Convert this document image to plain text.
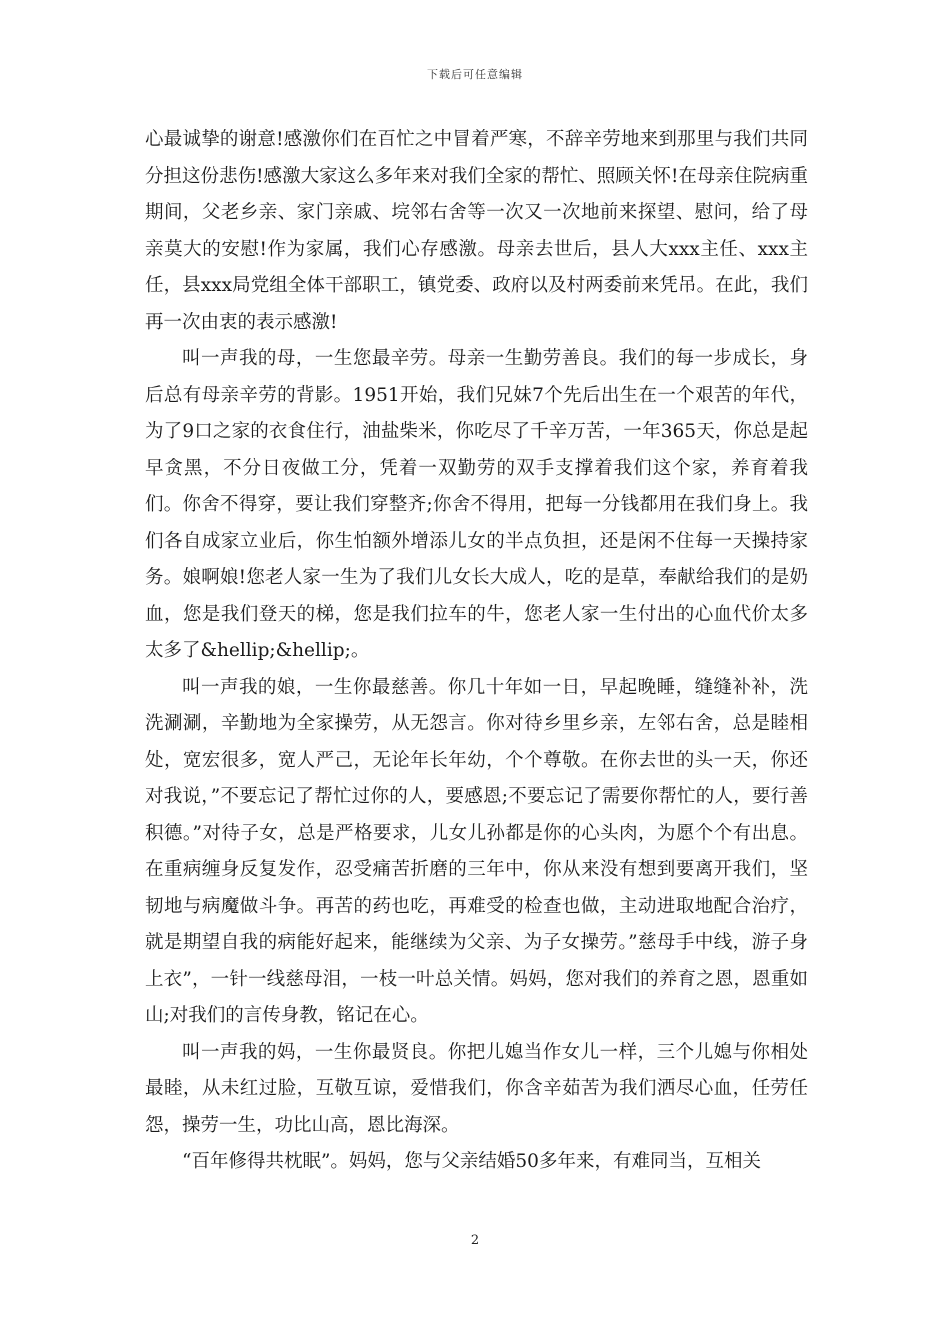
下载后可任意编辑

心最诚挚的谢意!感激你们在百忙之中冒着严寒，不辞辛劳地来到那里与我们共同分担这份悲伤!感激大家这么多年来对我们全家的帮忙、照顾关怀!在母亲住院病重期间，父老乡亲、家门亲戚、垸邻右舍等一次又一次地前来探望、慰问，给了母亲莫大的安慰!作为家属，我们心存感激。母亲去世后，县人大xxx主任、xxx主任，县xxx局党组全体干部职工，镇党委、政府以及村两委前来凭吊。在此，我们再一次由衷的表示感激!

叫一声我的母，一生您最辛劳。母亲一生勤劳善良。我们的每一步成长，身后总有母亲辛劳的背影。1951开始，我们兄妹7个先后出生在一个艰苦的年代，为了9口之家的衣食住行，油盐柴米，你吃尽了千辛万苦，一年365天，你总是起早贪黑，不分日夜做工分，凭着一双勤劳的双手支撑着我们这个家，养育着我们。你舍不得穿，要让我们穿整齐;你舍不得用，把每一分钱都用在我们身上。我们各自成家立业后，你生怕额外增添儿女的半点负担，还是闲不住每一天操持家务。娘啊娘!您老人家一生为了我们儿女长大成人，吃的是草，奉献给我们的是奶血，您是我们登天的梯，您是我们拉车的牛，您老人家一生付出的心血代价太多太多了&hellip;&hellip;。

叫一声我的娘，一生你最慈善。你几十年如一日，早起晚睡，缝缝补补，洗洗涮涮，辛勤地为全家操劳，从无怨言。你对待乡里乡亲，左邻右舍，总是睦相处，宽宏很多，宽人严己，无论年长年幼，个个尊敬。在你去世的头一天，你还对我说，”不要忘记了帮忙过你的人，要感恩;不要忘记了需要你帮忙的人，要行善积德。”对待子女，总是严格要求，儿女儿孙都是你的心头肉，为愿个个有出息。在重病缠身反复发作，忍受痛苦折磨的三年中，你从来没有想到要离开我们，坚韧地与病魔做斗争。再苦的药也吃，再难受的检查也做，主动进取地配合治疗，就是期望自我的病能好起来，能继续为父亲、为子女操劳。”慈母手中线，游子身上衣”，一针一线慈母泪，一枝一叶总关情。妈妈，您对我们的养育之恩，恩重如山;对我们的言传身教，铭记在心。

叫一声我的妈，一生你最贤良。你把儿媳当作女儿一样，三个儿媳与你相处最睦，从未红过脸，互敬互谅，爱惜我们，你含辛茹苦为我们洒尽心血，任劳任怨，操劳一生，功比山高，恩比海深。

“百年修得共枕眠”。妈妈，您与父亲结婚50多年来，有难同当，互相关

2
